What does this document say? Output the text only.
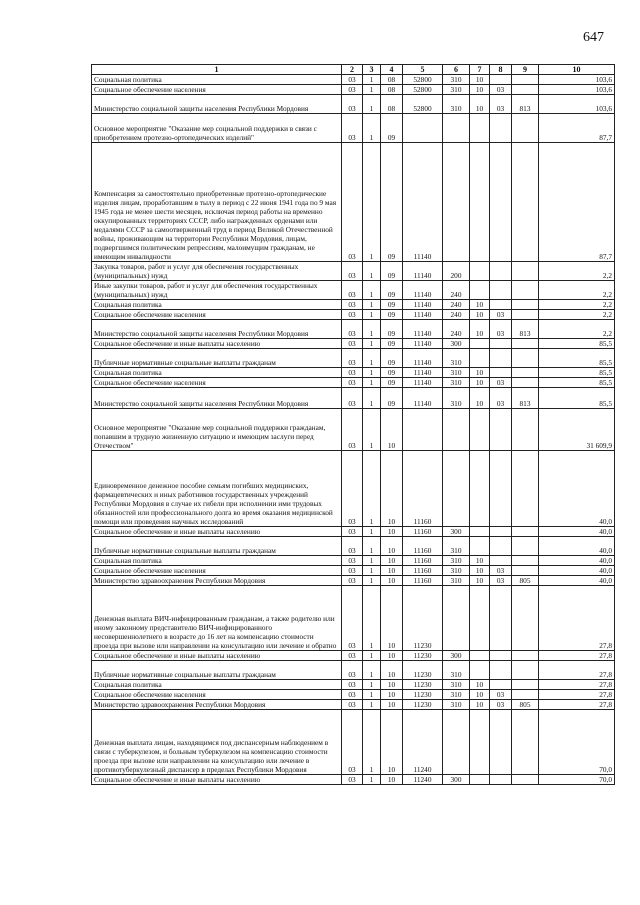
647
1	2	3	4	5	6	7	8	9	10
Социальная политика	03	1	08	52800	310	10			103,6
Социальное обеспечение населения	03	1	08	52800	310	10	03		103,6
Министерство социальной защиты населения Республики Мордовия	03	1	08	52800	310	10	03	813	103,6
Основное мероприятие "Оказание мер социальной поддержки в связи с приобретением протезно-ортопедических изделий"	03	1	09						87,7
Компенсация за самостоятельно приобретенные протезно-ортопедические изделия лицам, проработавшим в тылу в период с 22 июня 1941 года по 9 мая 1945 года не менее шести месяцев, исключая период работы на временно оккупированных территориях СССР, либо награжденных орденами или медалями СССР за самоотверженный труд в период Великой Отечественной войны, проживающим на территории Республики Мордовия, лицам, подвергшимся политическим репрессиям, малоимущим гражданам, не имеющим инвалидности	03	1	09	11140					87,7
Закупка товаров, работ и услуг для обеспечения государственных (муниципальных) нужд	03	1	09	11140	200				2,2
Иные закупки товаров, работ и услуг для обеспечения государственных (муниципальных) нужд	03	1	09	11140	240				2,2
Социальная политика	03	1	09	11140	240	10			2,2
Социальное обеспечение населения	03	1	09	11140	240	10	03		2,2
Министерство социальной защиты населения Республики Мордовия	03	1	09	11140	240	10	03	813	2,2
Социальное обеспечение и иные выплаты населению	03	1	09	11140	300				85,5
Публичные нормативные социальные выплаты гражданам	03	1	09	11140	310				85,5
Социальная политика	03	1	09	11140	310	10			85,5
Социальное обеспечение населения	03	1	09	11140	310	10	03		85,5
Министерство социальной защиты населения Республики Мордовия	03	1	09	11140	310	10	03	813	85,5
Основное мероприятие "Оказание мер социальной поддержки гражданам, попавшим в трудную жизненную ситуацию и имеющим заслуги перед Отечеством"	03	1	10						31 609,9
Единовременное денежное пособие семьям погибших медицинских, фармацевтических и иных работников государственных учреждений Республики Мордовия в случае их гибели при исполнении ими трудовых обязанностей или профессионального долга во время оказания медицинской помощи или проведения научных исследований	03	1	10	11160					40,0
Социальное обеспечение и иные выплаты населению	03	1	10	11160	300				40,0
Публичные нормативные социальные выплаты гражданам	03	1	10	11160	310				40,0
Социальная политика	03	1	10	11160	310	10			40,0
Социальное обеспечение населения	03	1	10	11160	310	10	03		40,0
Министерство здравоохранения Республики Мордовия	03	1	10	11160	310	10	03	805	40,0
Денежная выплата ВИЧ-инфицированным гражданам, а также родителю или иному законному представителю ВИЧ-инфицированного несовершеннолетнего в возрасте до 16 лет на компенсацию стоимости проезда при вызове или направлении на консультацию или лечение и обратно	03	1	10	11230					27,8
Социальное обеспечение и иные выплаты населению	03	1	10	11230	300				27,8
Публичные нормативные социальные выплаты гражданам	03	1	10	11230	310				27,8
Социальная политика	03	1	10	11230	310	10			27,8
Социальное обеспечение населения	03	1	10	11230	310	10	03		27,8
Министерство здравоохранения Республики Мордовия	03	1	10	11230	310	10	03	805	27,8
Денежная выплата лицам, находящимся под диспансерным наблюдением в связи с туберкулезом, и больным туберкулезом на компенсацию стоимости проезда при вызове или направлении на консультацию или лечение в противотуберкулезный диспансер в пределах Республики Мордовия	03	1	10	11240					70,0
Социальное обеспечение и иные выплаты населению	03	1	10	11240	300				70,0
